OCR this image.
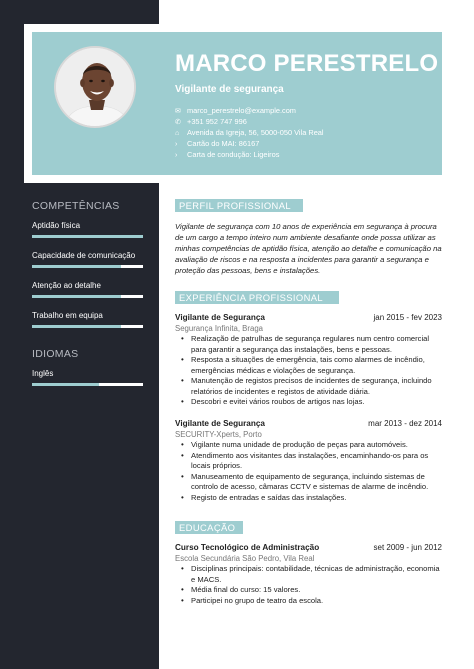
MARCO PERESTRELO
Vigilante de segurança
✉ marco_perestrelo@example.com
✆ +351 952 747 996
⌂ Avenida da Igreja, 56, 5000-050 Vila Real
› Cartão do MAI: 86167
› Carta de condução: Ligeiros
COMPETÊNCIAS
Aptidão física
Capacidade de comunicação
Atenção ao detalhe
Trabalho em equipa
IDIOMAS
Inglês
PERFIL PROFISSIONAL
Vigilante de segurança com 10 anos de experiência em segurança à procura de um cargo a tempo inteiro num ambiente desafiante onde possa utilizar as minhas competências de aptidão física, atenção ao detalhe e comunicação na avaliação de riscos e na resposta a incidentes para garantir a segurança e proteção das pessoas, bens e instalações.
EXPERIÊNCIA PROFISSIONAL
Vigilante de Segurança	jan 2015 - fev 2023
Segurança Infinita, Braga
• Realização de patrulhas de segurança regulares num centro comercial para garantir a segurança das instalações, bens e pessoas.
• Resposta a situações de emergência, tais como alarmes de incêndio, emergências médicas e violações de segurança.
• Manutenção de registos precisos de incidentes de segurança, incluindo relatórios de incidentes e registos de atividade diária.
• Descobri e evitei vários roubos de artigos nas lojas.
Vigilante de Segurança	mar 2013 - dez 2014
SECURITY-Xperts, Porto
• Vigilante numa unidade de produção de peças para automóveis.
• Atendimento aos visitantes das instalações, encaminhando-os para os locais próprios.
• Manuseamento de equipamento de segurança, incluindo sistemas de controlo de acesso, câmaras CCTV e sistemas de alarme de incêndio.
• Registo de entradas e saídas das instalações.
EDUCAÇÃO
Curso Tecnológico de Administração	set 2009 - jun 2012
Escola Secundária São Pedro, Vila Real
• Disciplinas principais: contabilidade, técnicas de administração, economia e MACS.
• Média final do curso: 15 valores.
• Participei no grupo de teatro da escola.
